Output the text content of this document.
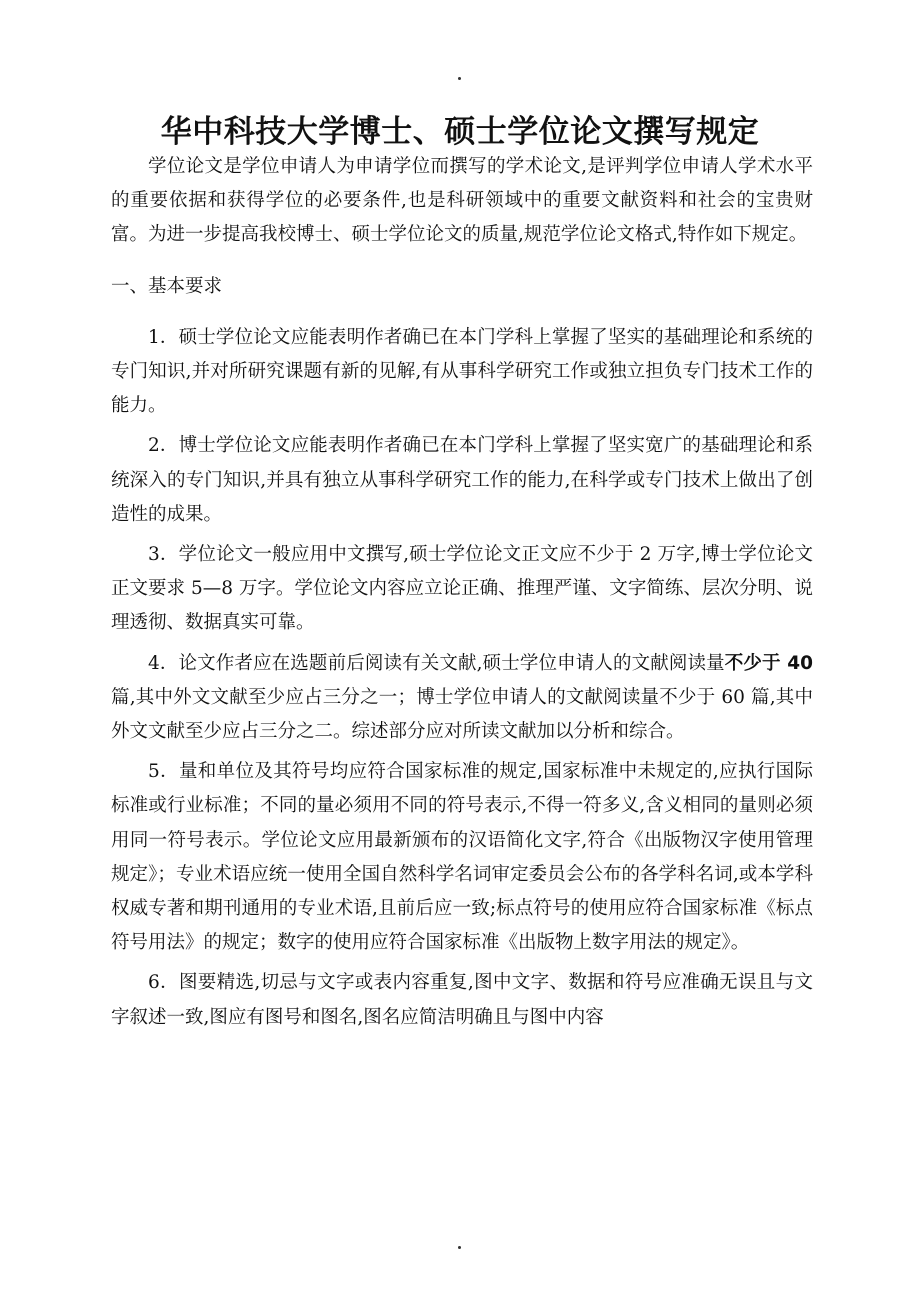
华中科技大学博士、硕士学位论文撰写规定

学位论文是学位申请人为申请学位而撰写的学术论文,是评判学位申请人学术水平的重要依据和获得学位的必要条件,也是科研领域中的重要文献资料和社会的宝贵财富。为进一步提高我校博士、硕士学位论文的质量,规范学位论文格式,特作如下规定。

一、基本要求

1．硕士学位论文应能表明作者确已在本门学科上掌握了坚实的基础理论和系统的专门知识,并对所研究课题有新的见解,有从事科学研究工作或独立担负专门技术工作的能力。

2．博士学位论文应能表明作者确已在本门学科上掌握了坚实宽广的基础理论和系统深入的专门知识,并具有独立从事科学研究工作的能力,在科学或专门技术上做出了创造性的成果。

3．学位论文一般应用中文撰写,硕士学位论文正文应不少于 2 万字,博士学位论文正文要求 5—8 万字。学位论文内容应立论正确、推理严谨、文字简练、层次分明、说理透彻、数据真实可靠。

4．论文作者应在选题前后阅读有关文献,硕士学位申请人的文献阅读量不少于 40 篇,其中外文文献至少应占三分之一；博士学位申请人的文献阅读量不少于 60 篇,其中外文文献至少应占三分之二。综述部分应对所读文献加以分析和综合。

5．量和单位及其符号均应符合国家标准的规定,国家标准中未规定的,应执行国际标准或行业标准；不同的量必须用不同的符号表示,不得一符多义,含义相同的量则必须用同一符号表示。学位论文应用最新颁布的汉语简化文字,符合《出版物汉字使用管理规定》；专业术语应统一使用全国自然科学名词审定委员会公布的各学科名词,或本学科权威专著和期刊通用的专业术语,且前后应一致;标点符号的使用应符合国家标准《标点符号用法》的规定；数字的使用应符合国家标准《出版物上数字用法的规定》。

6．图要精选,切忌与文字或表内容重复,图中文字、数据和符号应准确无误且与文字叙述一致,图应有图号和图名,图名应简洁明确且与图中内容
